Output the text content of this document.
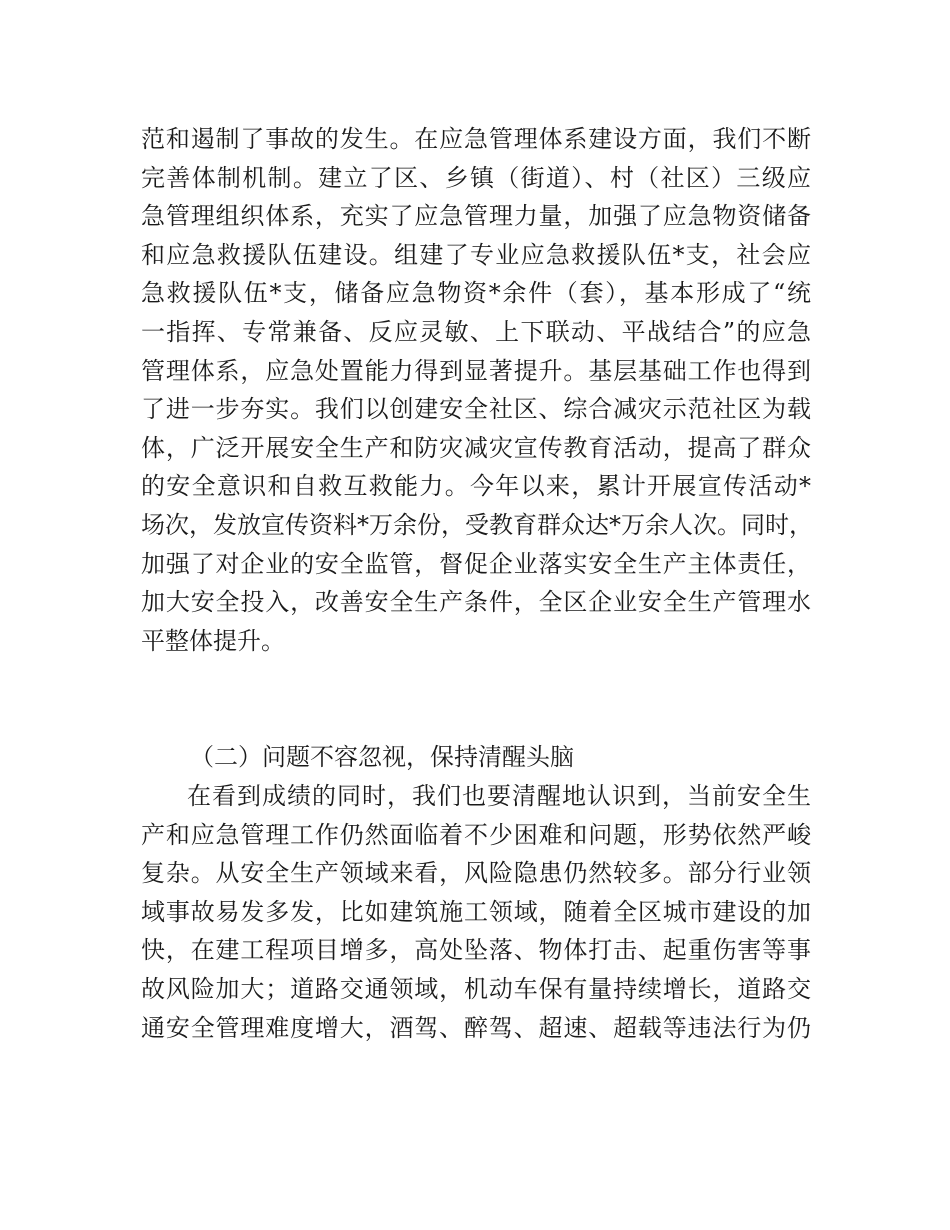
范和遏制了事故的发生。在应急管理体系建设方面，我们不断
完善体制机制。建立了区、乡镇（街道）、村（社区）三级应
急管理组织体系，充实了应急管理力量，加强了应急物资储备
和应急救援队伍建设。组建了专业应急救援队伍*支，社会应
急救援队伍*支，储备应急物资*余件（套），基本形成了“统
一指挥、专常兼备、反应灵敏、上下联动、平战结合”的应急
管理体系，应急处置能力得到显著提升。基层基础工作也得到
了进一步夯实。我们以创建安全社区、综合减灾示范社区为载
体，广泛开展安全生产和防灾减灾宣传教育活动，提高了群众
的安全意识和自救互救能力。今年以来，累计开展宣传活动*
场次，发放宣传资料*万余份，受教育群众达*万余人次。同时，
加强了对企业的安全监管，督促企业落实安全生产主体责任，
加大安全投入，改善安全生产条件，全区企业安全生产管理水
平整体提升。
（二）问题不容忽视，保持清醒头脑
在看到成绩的同时，我们也要清醒地认识到，当前安全生
产和应急管理工作仍然面临着不少困难和问题，形势依然严峻
复杂。从安全生产领域来看，风险隐患仍然较多。部分行业领
域事故易发多发，比如建筑施工领域，随着全区城市建设的加
快，在建工程项目增多，高处坠落、物体打击、起重伤害等事
故风险加大；道路交通领域，机动车保有量持续增长，道路交
通安全管理难度增大，酒驾、醉驾、超速、超载等违法行为仍
